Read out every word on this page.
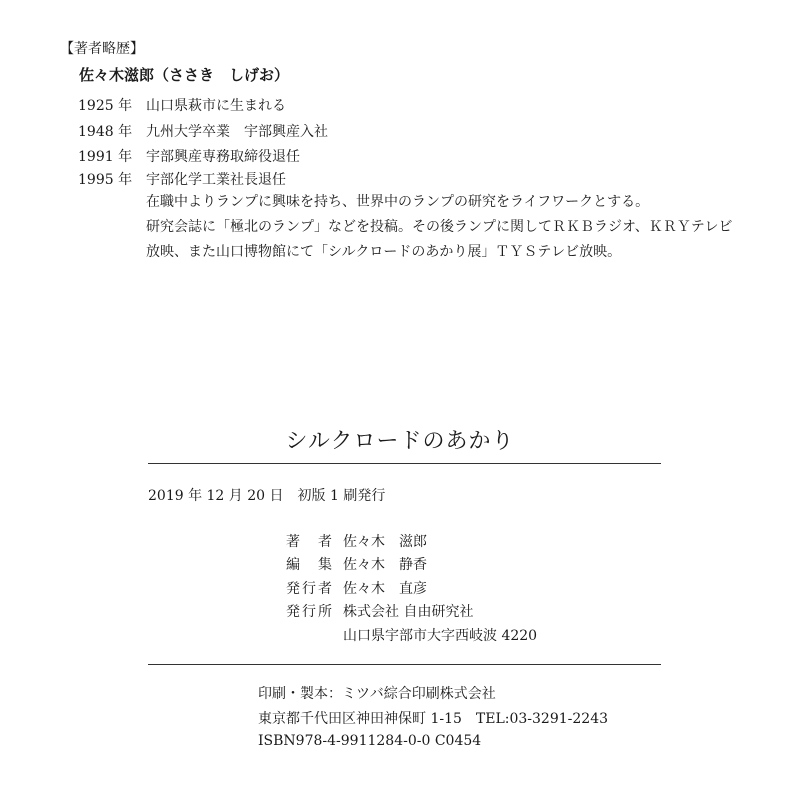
【著者略歴】
佐々木滋郎（ささき　しげお）
1925 年 山口県萩市に生まれる
1948 年 九州大学卒業　宇部興産入社
1991 年 宇部興産専務取締役退任
1995 年 宇部化学工業社長退任
在職中よりランプに興味を持ち、世界中のランプの研究をライフワークとする。
研究会誌に「極北のランプ」などを投稿。その後ランプに関してＲＫＢラジオ、ＫＲＹテレビ
放映、また山口博物館にて「シルクロードのあかり展」ＴＹＳテレビ放映。
シルクロードのあかり
2019 年 12 月 20 日　初版 1 刷発行
著　者 佐々木　滋郎
編　集 佐々木　静香
発行者 佐々木　直彦
発行所 株式会社 自由研究社
山口県宇部市大字西岐波 4220
印刷・製本：ミツバ綜合印刷株式会社
東京都千代田区神田神保町 1-15　TEL:03-3291-2243
ISBN978-4-9911284-0-0 C0454
